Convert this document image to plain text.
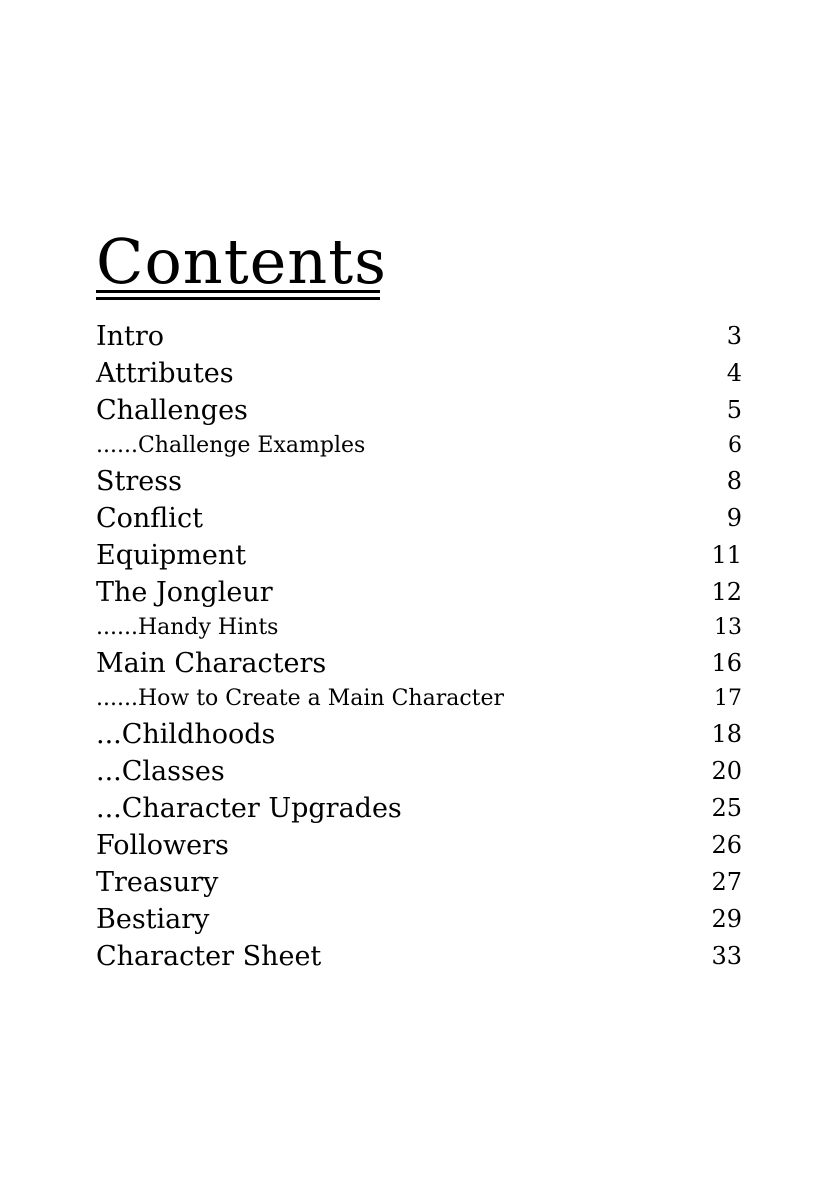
Contents
Intro	3
Attributes	4
Challenges	5
......Challenge Examples	6
Stress	8
Conflict	9
Equipment	11
The Jongleur	12
......Handy Hints	13
Main Characters	16
......How to Create a Main Character	17
...Childhoods	18
...Classes	20
...Character Upgrades	25
Followers	26
Treasury	27
Bestiary	29
Character Sheet	33
